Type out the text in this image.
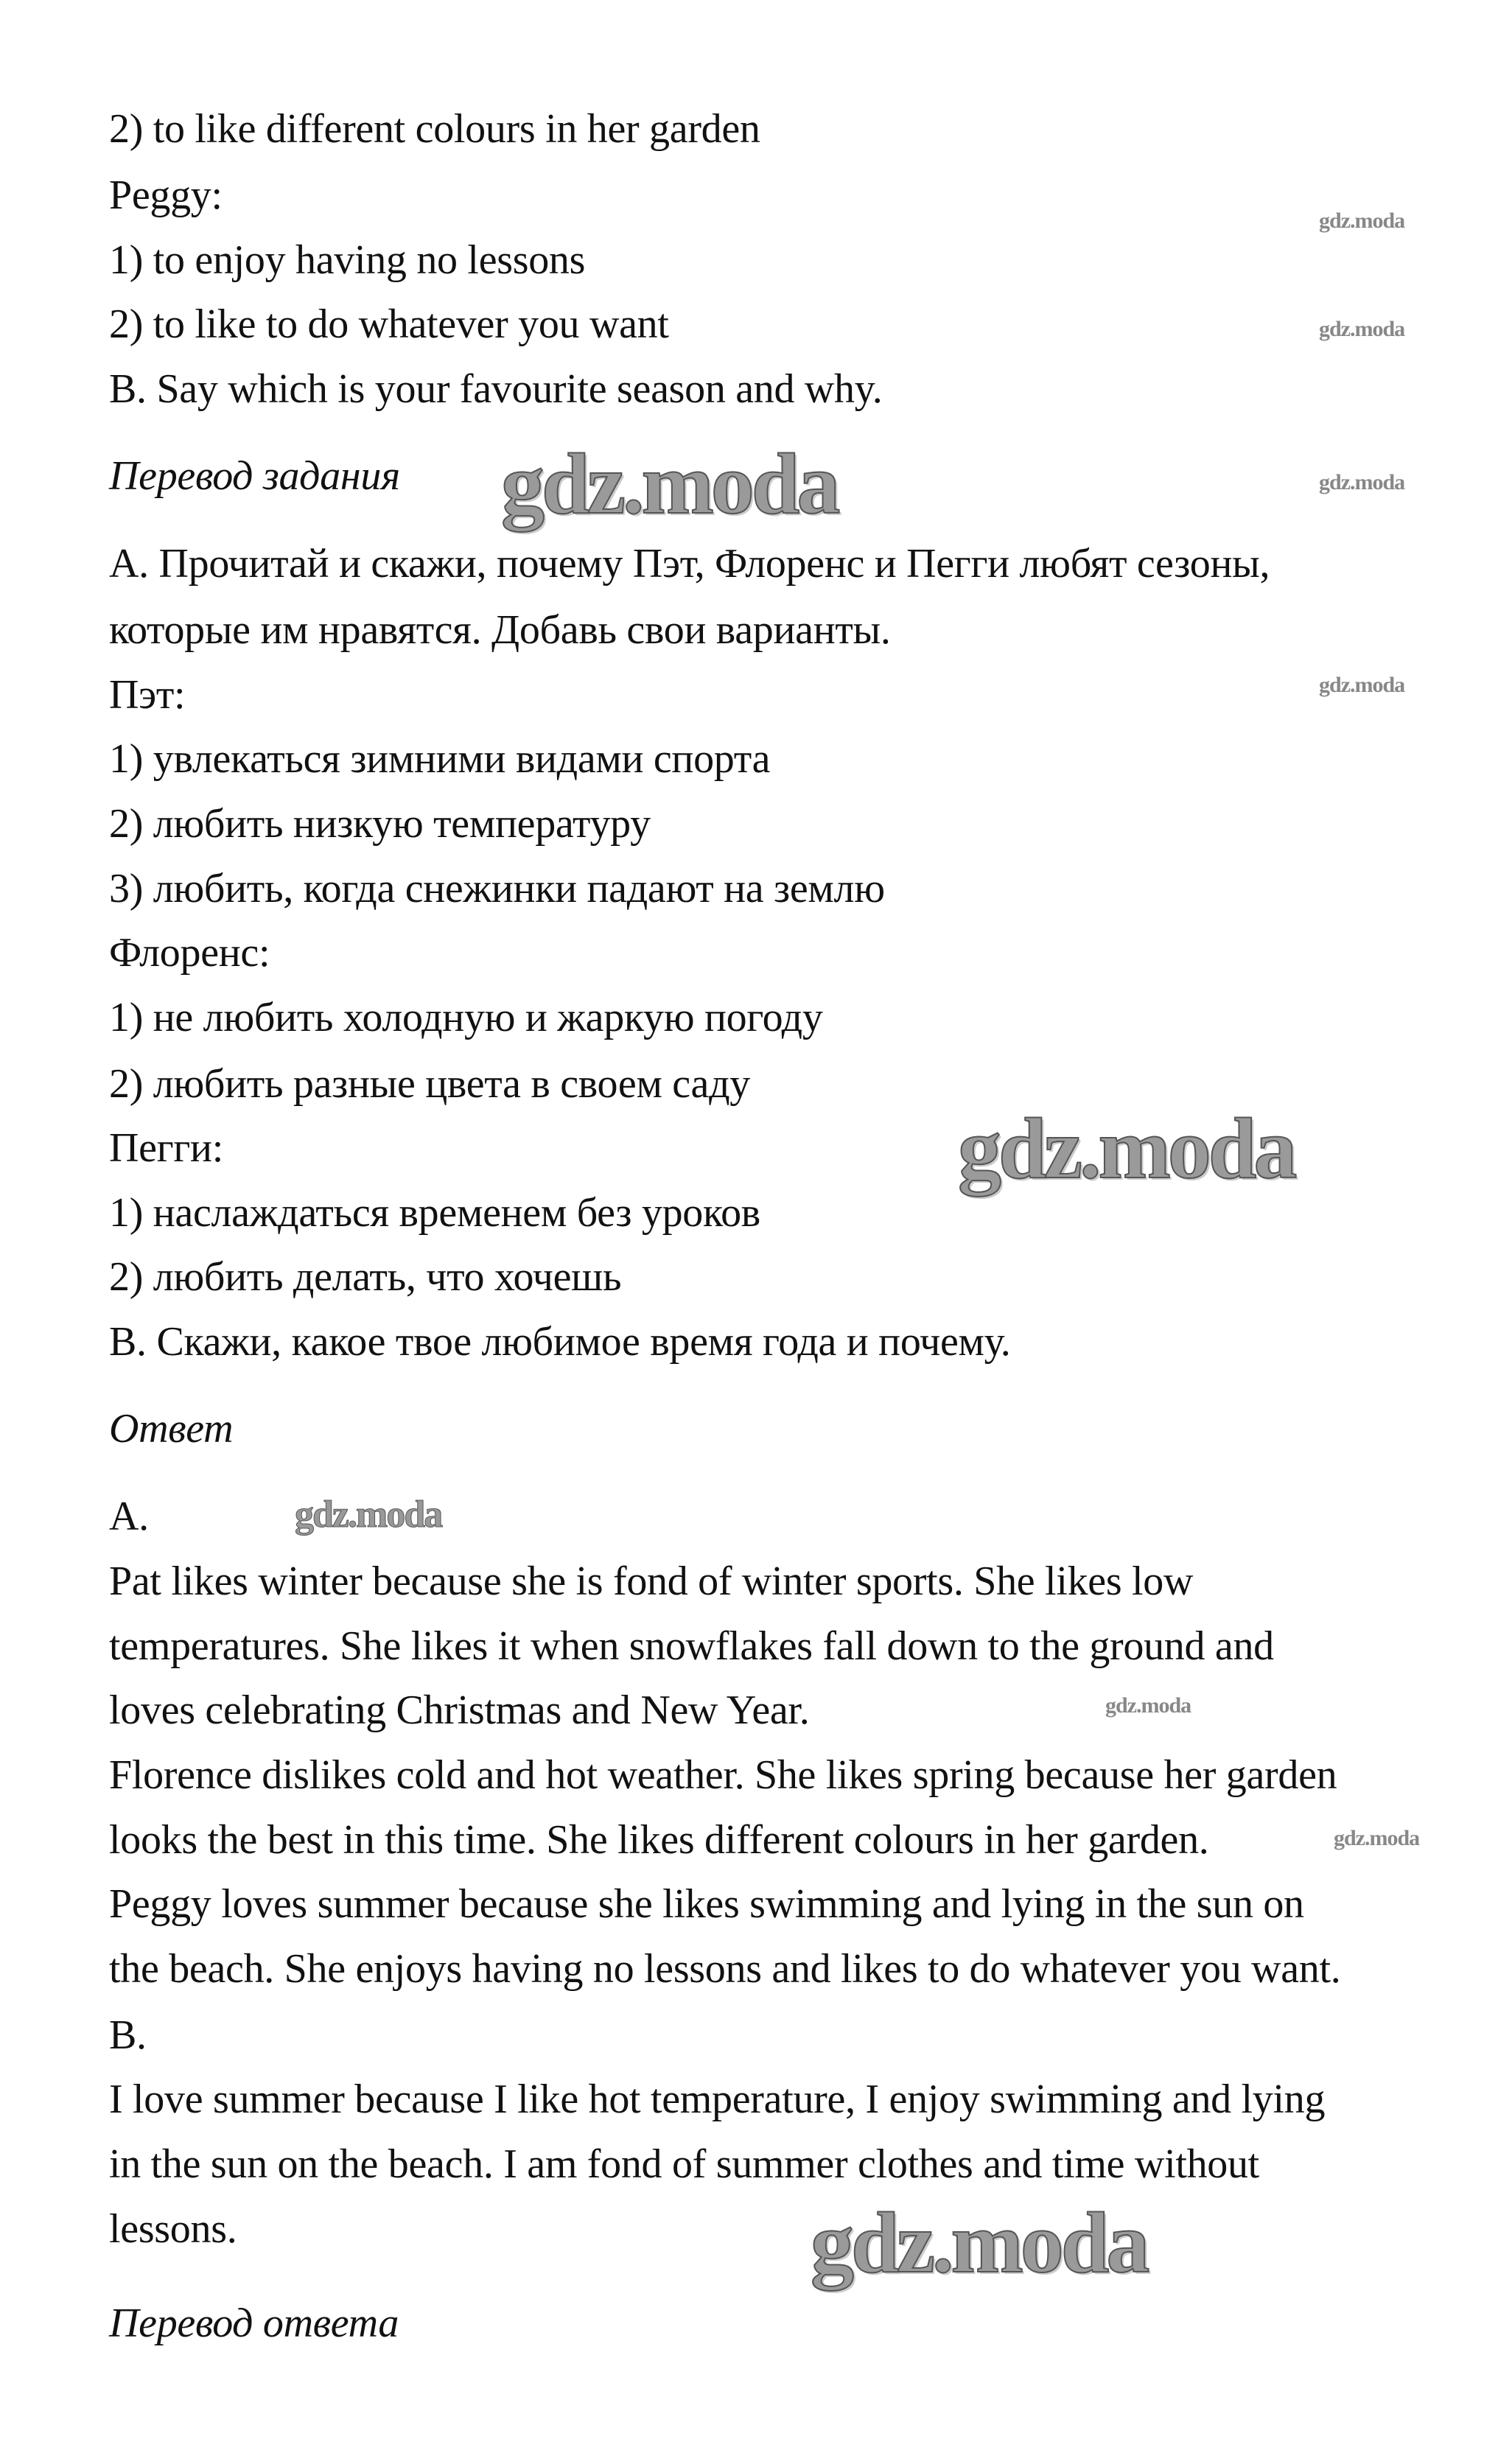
2) to like different colours in her garden
Peggy:
1) to enjoy having no lessons
2) to like to do whatever you want
B. Say which is your favourite season and why.
Перевод задания
А. Прочитай и скажи, почему Пэт, Флоренс и Пегги любят сезоны,
которые им нравятся. Добавь свои варианты.
Пэт:
1) увлекаться зимними видами спорта
2) любить низкую температуру
3) любить, когда снежинки падают на землю
Флоренс:
1) не любить холодную и жаркую погоду
2) любить разные цвета в своем саду
Пегги:
1) наслаждаться временем без уроков
2) любить делать, что хочешь
В. Скажи, какое твое любимое время года и почему.
Ответ
A.
Pat likes winter because she is fond of winter sports. She likes low
temperatures. She likes it when snowflakes fall down to the ground and
loves celebrating Christmas and New Year.
Florence dislikes cold and hot weather. She likes spring because her garden
looks the best in this time. She likes different colours in her garden.
Peggy loves summer because she likes swimming and lying in the sun on
the beach. She enjoys having no lessons and likes to do whatever you want.
B.
I love summer because I like hot temperature, I enjoy swimming and lying
in the sun on the beach. I am fond of summer clothes and time without
lessons.
Перевод ответа
gdz.moda
gdz.moda
gdz.moda
gdz.moda
gdz.moda
gdz.moda
gdz.moda
gdz.moda
gdz.moda
gdz.moda
